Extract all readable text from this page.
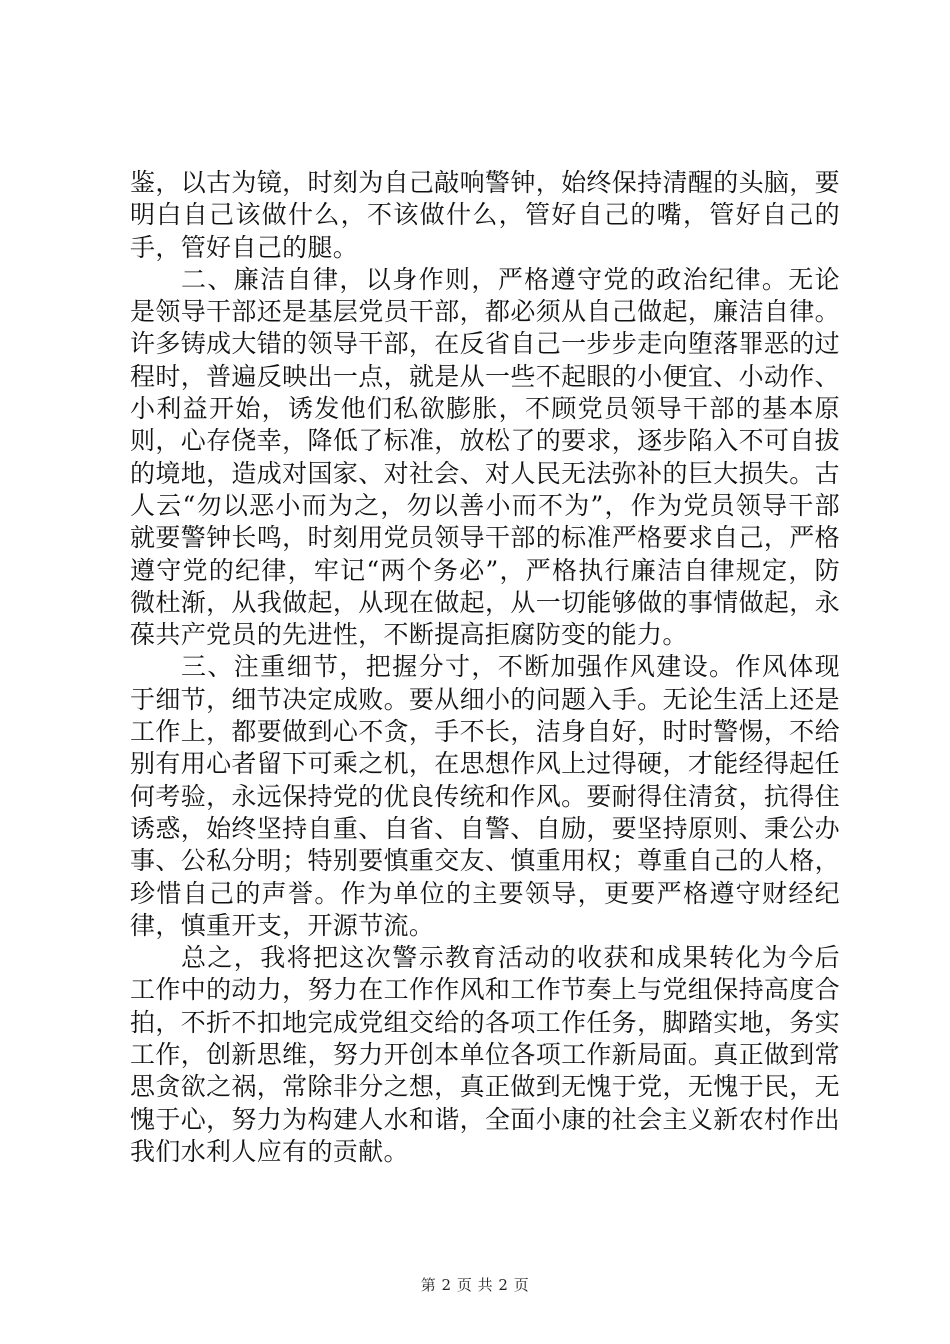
鉴，以古为镜，时刻为自己敲响警钟，始终保持清醒的头脑，要明白自己该做什么，不该做什么，管好自己的嘴，管好自己的手，管好自己的腿。

二、廉洁自律，以身作则，严格遵守党的政治纪律。无论是领导干部还是基层党员干部，都必须从自己做起，廉洁自律。许多铸成大错的领导干部，在反省自己一步步走向堕落罪恶的过程时，普遍反映出一点，就是从一些不起眼的小便宜、小动作、小利益开始，诱发他们私欲膨胀，不顾党员领导干部的基本原则，心存侥幸，降低了标准，放松了的要求，逐步陷入不可自拔的境地，造成对国家、对社会、对人民无法弥补的巨大损失。古人云“勿以恶小而为之，勿以善小而不为”，作为党员领导干部就要警钟长鸣，时刻用党员领导干部的标准严格要求自己，严格遵守党的纪律，牢记“两个务必”，严格执行廉洁自律规定，防微杜渐，从我做起，从现在做起，从一切能够做的事情做起，永葆共产党员的先进性，不断提高拒腐防变的能力。

三、注重细节，把握分寸，不断加强作风建设。作风体现于细节，细节决定成败。要从细小的问题入手。无论生活上还是工作上，都要做到心不贪，手不长，洁身自好，时时警惕，不给别有用心者留下可乘之机，在思想作风上过得硬，才能经得起任何考验，永远保持党的优良传统和作风。要耐得住清贫，抗得住诱惑，始终坚持自重、自省、自警、自励，要坚持原则、秉公办事、公私分明；特别要慎重交友、慎重用权；尊重自己的人格，珍惜自己的声誉。作为单位的主要领导，更要严格遵守财经纪律，慎重开支，开源节流。

总之，我将把这次警示教育活动的收获和成果转化为今后工作中的动力，努力在工作作风和工作节奏上与党组保持高度合拍，不折不扣地完成党组交给的各项工作任务，脚踏实地，务实工作，创新思维，努力开创本单位各项工作新局面。真正做到常思贪欲之祸，常除非分之想，真正做到无愧于党，无愧于民，无愧于心，努力为构建人水和谐，全面小康的社会主义新农村作出我们水利人应有的贡献。

第 2 页 共 2 页
